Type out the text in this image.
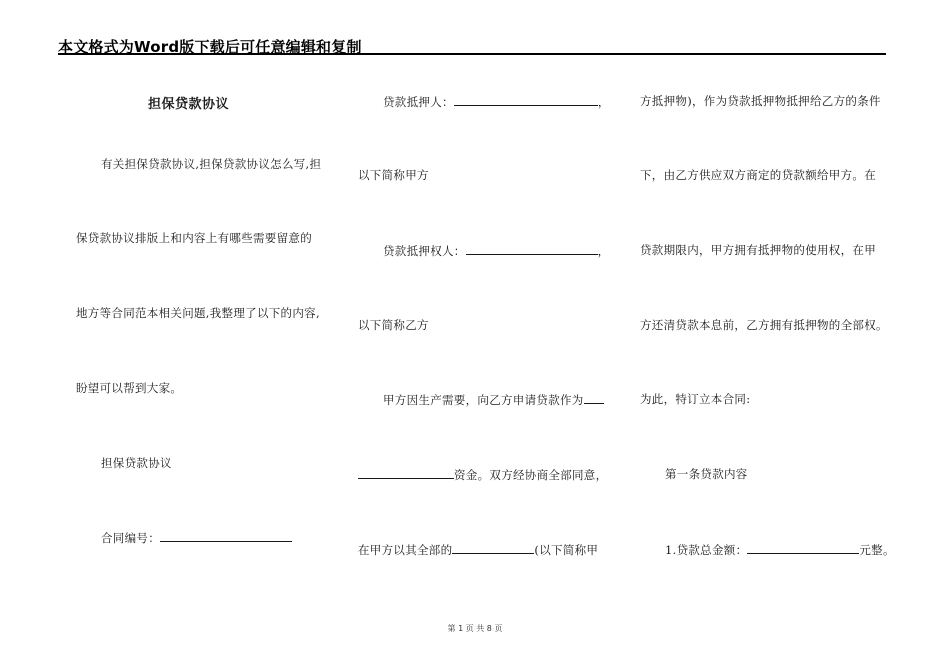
本文格式为Word版下载后可任意编辑和复制
担保贷款协议
有关担保贷款协议,担保贷款协议怎么写,担
保贷款协议排版上和内容上有哪些需要留意的
地方等合同范本相关问题,我整理了以下的内容,
盼望可以帮到大家。
担保贷款协议
合同编号：
贷款抵押人：	，
以下简称甲方
贷款抵押权人：	，
以下简称乙方
甲方因生产需要，向乙方申请贷款作为
资金。双方经协商全部同意，
在甲方以其全部的	(以下简称甲
方抵押物)，作为贷款抵押物抵押给乙方的条件
下，由乙方供应双方商定的贷款额给甲方。在
贷款期限内，甲方拥有抵押物的使用权，在甲
方还清贷款本息前，乙方拥有抵押物的全部权。
为此，特订立本合同:
第一条贷款内容
1.贷款总金额：	元整。
第 1 页 共 8 页
